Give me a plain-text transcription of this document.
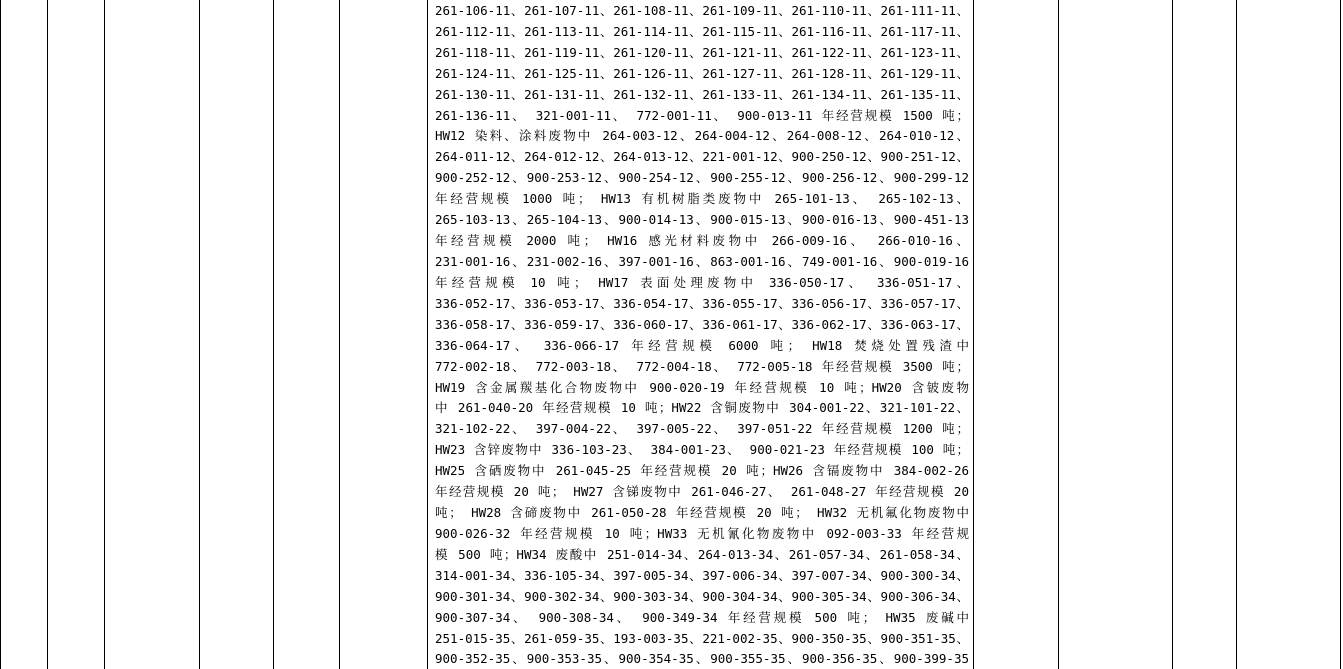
261-106-11、261-107-11、261-108-11、261-109-11、261-110-11、261-111-11、
261-112-11、261-113-11、261-114-11、261-115-11、261-116-11、261-117-11、
261-118-11、261-119-11、261-120-11、261-121-11、261-122-11、261-123-11、
261-124-11、261-125-11、261-126-11、261-127-11、261-128-11、261-129-11、
261-130-11、261-131-11、261-132-11、261-133-11、261-134-11、261-135-11、
261-136-11、 321-001-11、 772-001-11、 900-013-11 年经营规模 1500 吨；
HW12 染料、涂料废物中 264-003-12、264-004-12、264-008-12、264-010-12、
264-011-12、264-012-12、264-013-12、221-001-12、900-250-12、900-251-12、
900-252-12、900-253-12、900-254-12、900-255-12、900-256-12、900-299-12
年经营规模 1000 吨； HW13 有机树脂类废物中 265-101-13、 265-102-13、
265-103-13、265-104-13、900-014-13、900-015-13、900-016-13、900-451-13
年经营规模 2000 吨； HW16 感光材料废物中 266-009-16、 266-010-16、
231-001-16、231-002-16、397-001-16、863-001-16、749-001-16、900-019-16
年经营规模 10 吨； HW17 表面处理废物中 336-050-17、 336-051-17、
336-052-17、336-053-17、336-054-17、336-055-17、336-056-17、336-057-17、
336-058-17、336-059-17、336-060-17、336-061-17、336-062-17、336-063-17、
336-064-17、 336-066-17 年经营规模 6000 吨； HW18 焚烧处置残渣中
772-002-18、 772-003-18、 772-004-18、 772-005-18 年经营规模 3500 吨；
HW19 含金属羰基化合物废物中 900-020-19 年经营规模 10 吨；HW20 含铍废物
中 261-040-20 年经营规模 10 吨；HW22 含铜废物中 304-001-22、321-101-22、
321-102-22、 397-004-22、 397-005-22、 397-051-22 年经营规模 1200 吨；
HW23 含锌废物中 336-103-23、 384-001-23、 900-021-23 年经营规模 100 吨；
HW25 含硒废物中 261-045-25 年经营规模 20 吨；HW26 含镉废物中 384-002-26
年经营规模 20 吨； HW27 含锑废物中 261-046-27、 261-048-27 年经营规模 20
吨； HW28 含碲废物中 261-050-28 年经营规模 20 吨； HW32 无机氟化物废物中
900-026-32 年经营规模 10 吨；HW33 无机氰化物废物中 092-003-33 年经营规
模 500 吨；HW34 废酸中 251-014-34、264-013-34、261-057-34、261-058-34、
314-001-34、336-105-34、397-005-34、397-006-34、397-007-34、900-300-34、
900-301-34、900-302-34、900-303-34、900-304-34、900-305-34、900-306-34、
900-307-34、 900-308-34、 900-349-34 年经营规模 500 吨； HW35 废碱中
251-015-35、261-059-35、193-003-35、221-002-35、900-350-35、900-351-35、
900-352-35、900-353-35、900-354-35、900-355-35、900-356-35、900-399-35
